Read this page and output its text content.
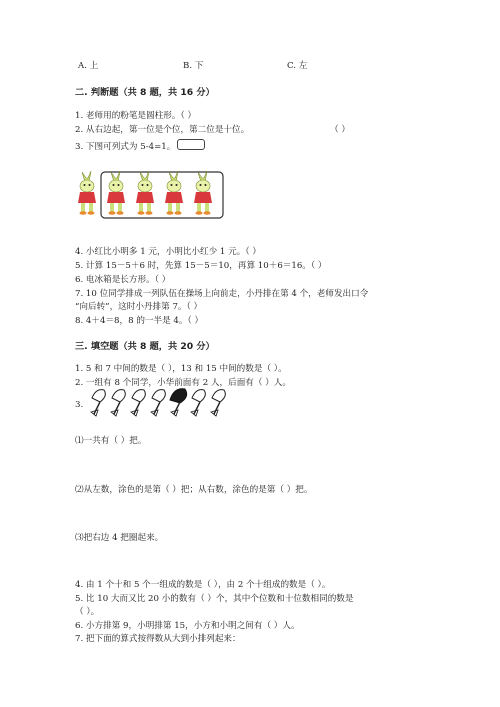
A. 上	B. 下	C. 左
二. 判断题（共 8 题，共 16 分）
1. 老师用的粉笔是圆柱形。（ ）
2. 从右边起，第一位是个位，第二位是十位。	（ ）
3. 下图可列式为 5-4=1。
4. 小红比小明多 1 元，小明比小红少 1 元。（ ）
5. 计算 15－5＋6 时，先算 15－5＝10，再算 10＋6＝16。（ ）
6. 电冰箱是长方形。（ ）
7. 10 位同学排成一列队伍在操场上向前走，小丹排在第 4 个，老师发出口令
“向后转”，这时小丹排第 7。（ ）
8. 4＋4＝8，8 的一半是 4。（ ）
三. 填空题（共 8 题，共 20 分）
1. 5 和 7 中间的数是（ ），13 和 15 中间的数是（ ）。
2. 一组有 8 个同学，小华前面有 2 人，后面有（ ）人。
3.
⑴一共有（ ）把。
⑵从左数，涂色的是第（ ）把；从右数，涂色的是第（ ）把。
⑶把右边 4 把圈起来。
4. 由 1 个十和 5 个一组成的数是（ ），由 2 个十组成的数是（ ）。
5. 比 10 大而又比 20 小的数有（ ）个，其中个位数和十位数相同的数是
（ ）。
6. 小方排第 9，小明排第 15，小方和小明之间有（ ）人。
7. 把下面的算式按得数从大到小排列起来：
